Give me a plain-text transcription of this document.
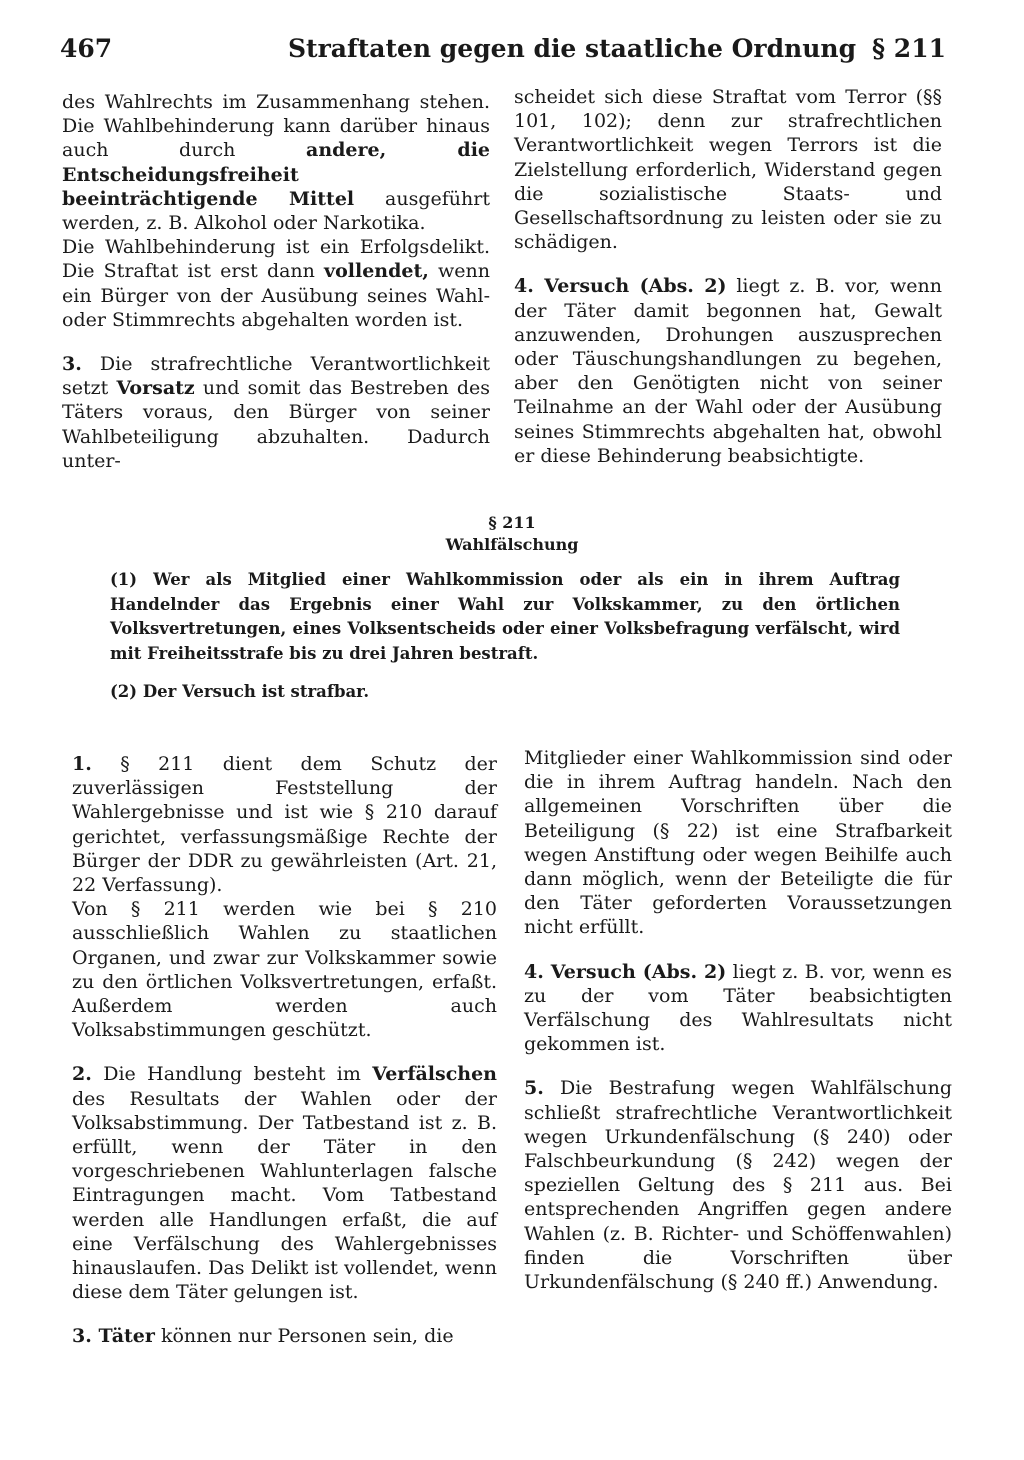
467	Straftaten gegen die staatliche Ordnung § 211

des Wahlrechts im Zusammenhang stehen. Die Wahlbehinderung kann darüber hinaus auch durch andere, die Entscheidungsfreiheit beeinträchtigende Mittel ausgeführt werden, z. B. Alkohol oder Narkotika.

Die Wahlbehinderung ist ein Erfolgsdelikt. Die Straftat ist erst dann vollendet, wenn ein Bürger von der Ausübung seines Wahl- oder Stimmrechts abgehalten worden ist.

3. Die strafrechtliche Verantwortlichkeit setzt Vorsatz und somit das Bestreben des Täters voraus, den Bürger von seiner Wahlbeteiligung abzuhalten. Dadurch unter-

scheidet sich diese Straftat vom Terror (§§ 101, 102); denn zur strafrechtlichen Verantwortlichkeit wegen Terrors ist die Zielstellung erforderlich, Widerstand gegen die sozialistische Staats- und Gesellschaftsordnung zu leisten oder sie zu schädigen.

4. Versuch (Abs. 2) liegt z. B. vor, wenn der Täter damit begonnen hat, Gewalt anzuwenden, Drohungen auszusprechen oder Täuschungshandlungen zu begehen, aber den Genötigten nicht von seiner Teilnahme an der Wahl oder der Ausübung seines Stimmrechts abgehalten hat, obwohl er diese Behinderung beabsichtigte.

§ 211
Wahlfälschung

(1) Wer als Mitglied einer Wahlkommission oder als ein in ihrem Auftrag Handelnder das Ergebnis einer Wahl zur Volkskammer, zu den örtlichen Volksvertretungen, eines Volksentscheids oder einer Volksbefragung verfälscht, wird mit Freiheitsstrafe bis zu drei Jahren bestraft.

(2) Der Versuch ist strafbar.

1. § 211 dient dem Schutz der zuverlässigen Feststellung der Wahlergebnisse und ist wie § 210 darauf gerichtet, verfassungsmäßige Rechte der Bürger der DDR zu gewährleisten (Art. 21, 22 Verfassung).

Von § 211 werden wie bei § 210 ausschließlich Wahlen zu staatlichen Organen, und zwar zur Volkskammer sowie zu den örtlichen Volksvertretungen, erfaßt. Außerdem werden auch Volksabstimmungen geschützt.

2. Die Handlung besteht im Verfälschen des Resultats der Wahlen oder der Volksabstimmung. Der Tatbestand ist z. B. erfüllt, wenn der Täter in den vorgeschriebenen Wahlunterlagen falsche Eintragungen macht. Vom Tatbestand werden alle Handlungen erfaßt, die auf eine Verfälschung des Wahlergebnisses hinauslaufen. Das Delikt ist vollendet, wenn diese dem Täter gelungen ist.

3. Täter können nur Personen sein, die

Mitglieder einer Wahlkommission sind oder die in ihrem Auftrag handeln. Nach den allgemeinen Vorschriften über die Beteiligung (§ 22) ist eine Strafbarkeit wegen Anstiftung oder wegen Beihilfe auch dann möglich, wenn der Beteiligte die für den Täter geforderten Voraussetzungen nicht erfüllt.

4. Versuch (Abs. 2) liegt z. B. vor, wenn es zu der vom Täter beabsichtigten Verfälschung des Wahlresultats nicht gekommen ist.

5. Die Bestrafung wegen Wahlfälschung schließt strafrechtliche Verantwortlichkeit wegen Urkundenfälschung (§ 240) oder Falschbeurkundung (§ 242) wegen der speziellen Geltung des § 211 aus. Bei entsprechenden Angriffen gegen andere Wahlen (z. B. Richter- und Schöffenwahlen) finden die Vorschriften über Urkundenfälschung (§ 240 ff.) Anwendung.
